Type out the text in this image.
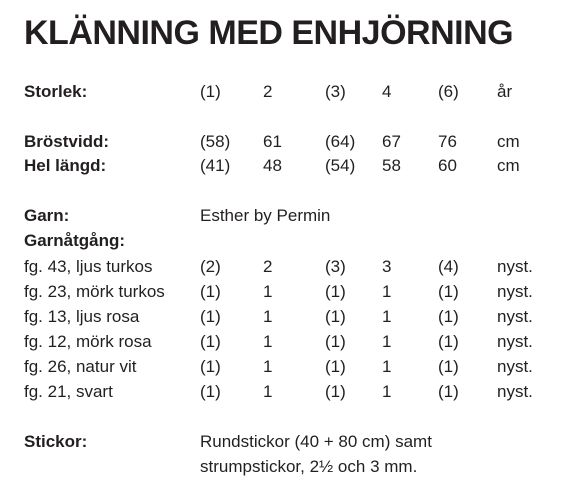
KLÄNNING MED ENHJÖRNING
Storlek:	(1) 2	(3) 4	(6) år
Bröstvidd:	(58) 61	(64) 67 76 cm
Hel längd:	(41) 48	(54) 58 60 cm
Garn:	Esther by Permin
Garnåtgång:
fg. 43, ljus turkos	(2) 2	(3) 3	(4) nyst.
fg. 23, mörk turkos (1) 1	(1) 1	(1) nyst.
fg. 13, ljus rosa	(1) 1	(1) 1	(1) nyst.
fg. 12, mörk rosa	(1) 1	(1) 1	(1) nyst.
fg. 26, natur vit	(1) 1	(1) 1	(1) nyst.
fg. 21, svart	(1) 1	(1) 1	(1) nyst.
Stickor:	Rundstickor (40 + 80 cm) samt
strumpstickor, 2½ och 3 mm.
